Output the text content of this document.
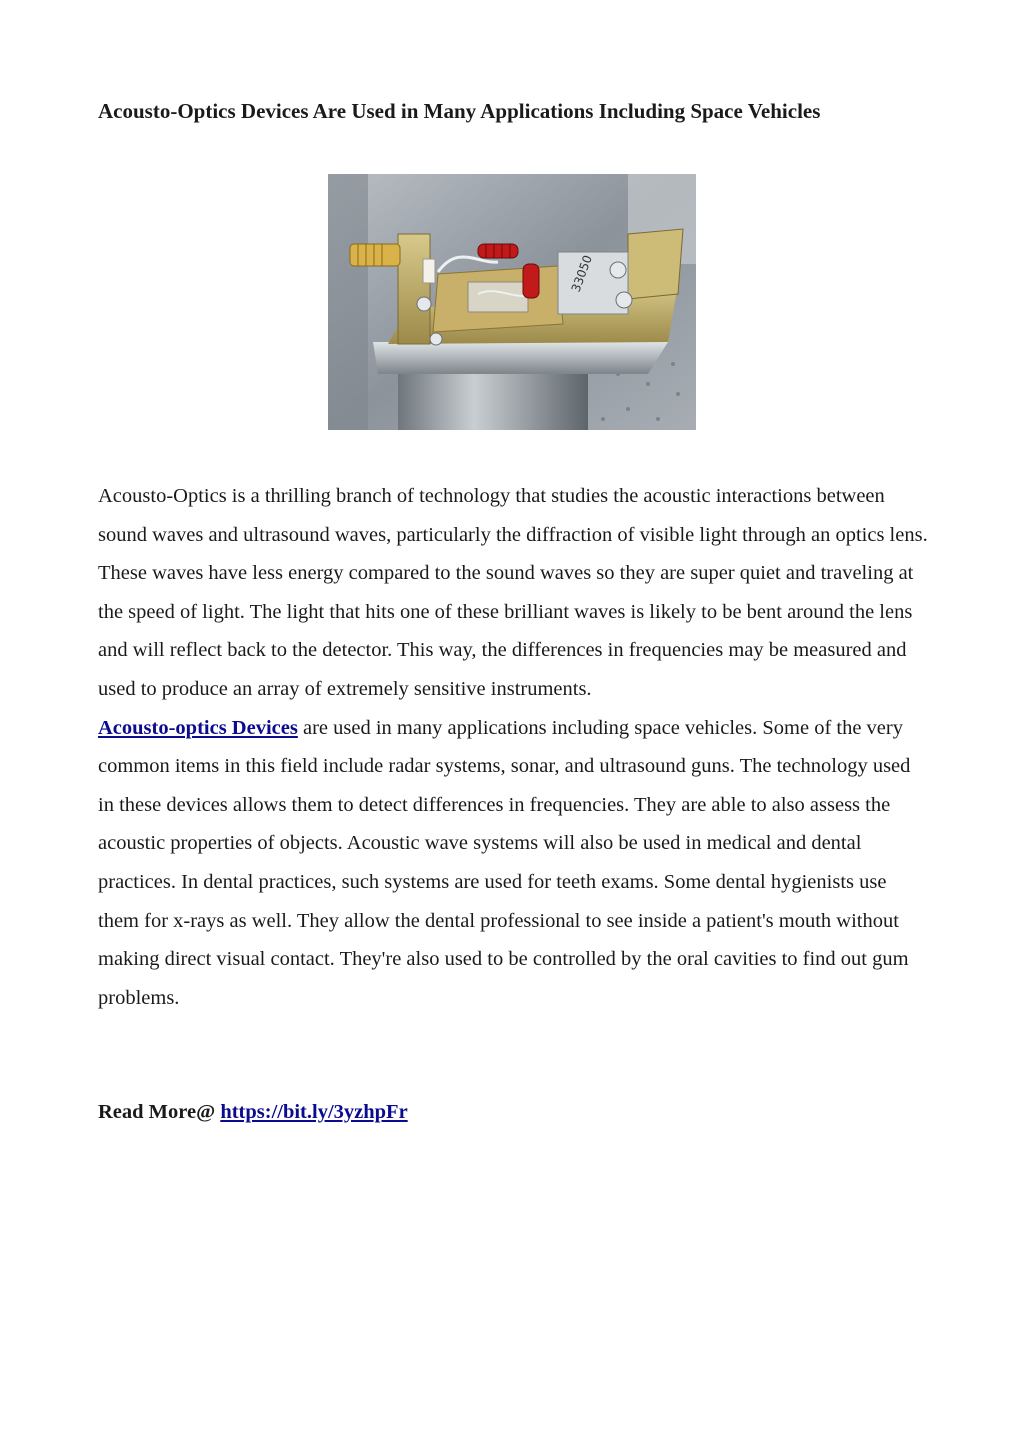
Acousto-Optics Devices Are Used in Many Applications Including Space Vehicles
33050

Acousto-Optics is a thrilling branch of technology that studies the acoustic interactions between sound waves and ultrasound waves, particularly the diffraction of visible light through an optics lens. These waves have less energy compared to the sound waves so they are super quiet and traveling at the speed of light. The light that hits one of these brilliant waves is likely to be bent around the lens and will reflect back to the detector. This way, the differences in frequencies may be measured and used to produce an array of extremely sensitive instruments.

Acousto-optics Devices are used in many applications including space vehicles. Some of the very common items in this field include radar systems, sonar, and ultrasound guns. The technology used in these devices allows them to detect differences in frequencies. They are able to also assess the acoustic properties of objects. Acoustic wave systems will also be used in medical and dental practices. In dental practices, such systems are used for teeth exams. Some dental hygienists use them for x-rays as well. They allow the dental professional to see inside a patient's mouth without making direct visual contact. They're also used to be controlled by the oral cavities to find out gum problems.

Read More@ https://bit.ly/3yzhpFr
